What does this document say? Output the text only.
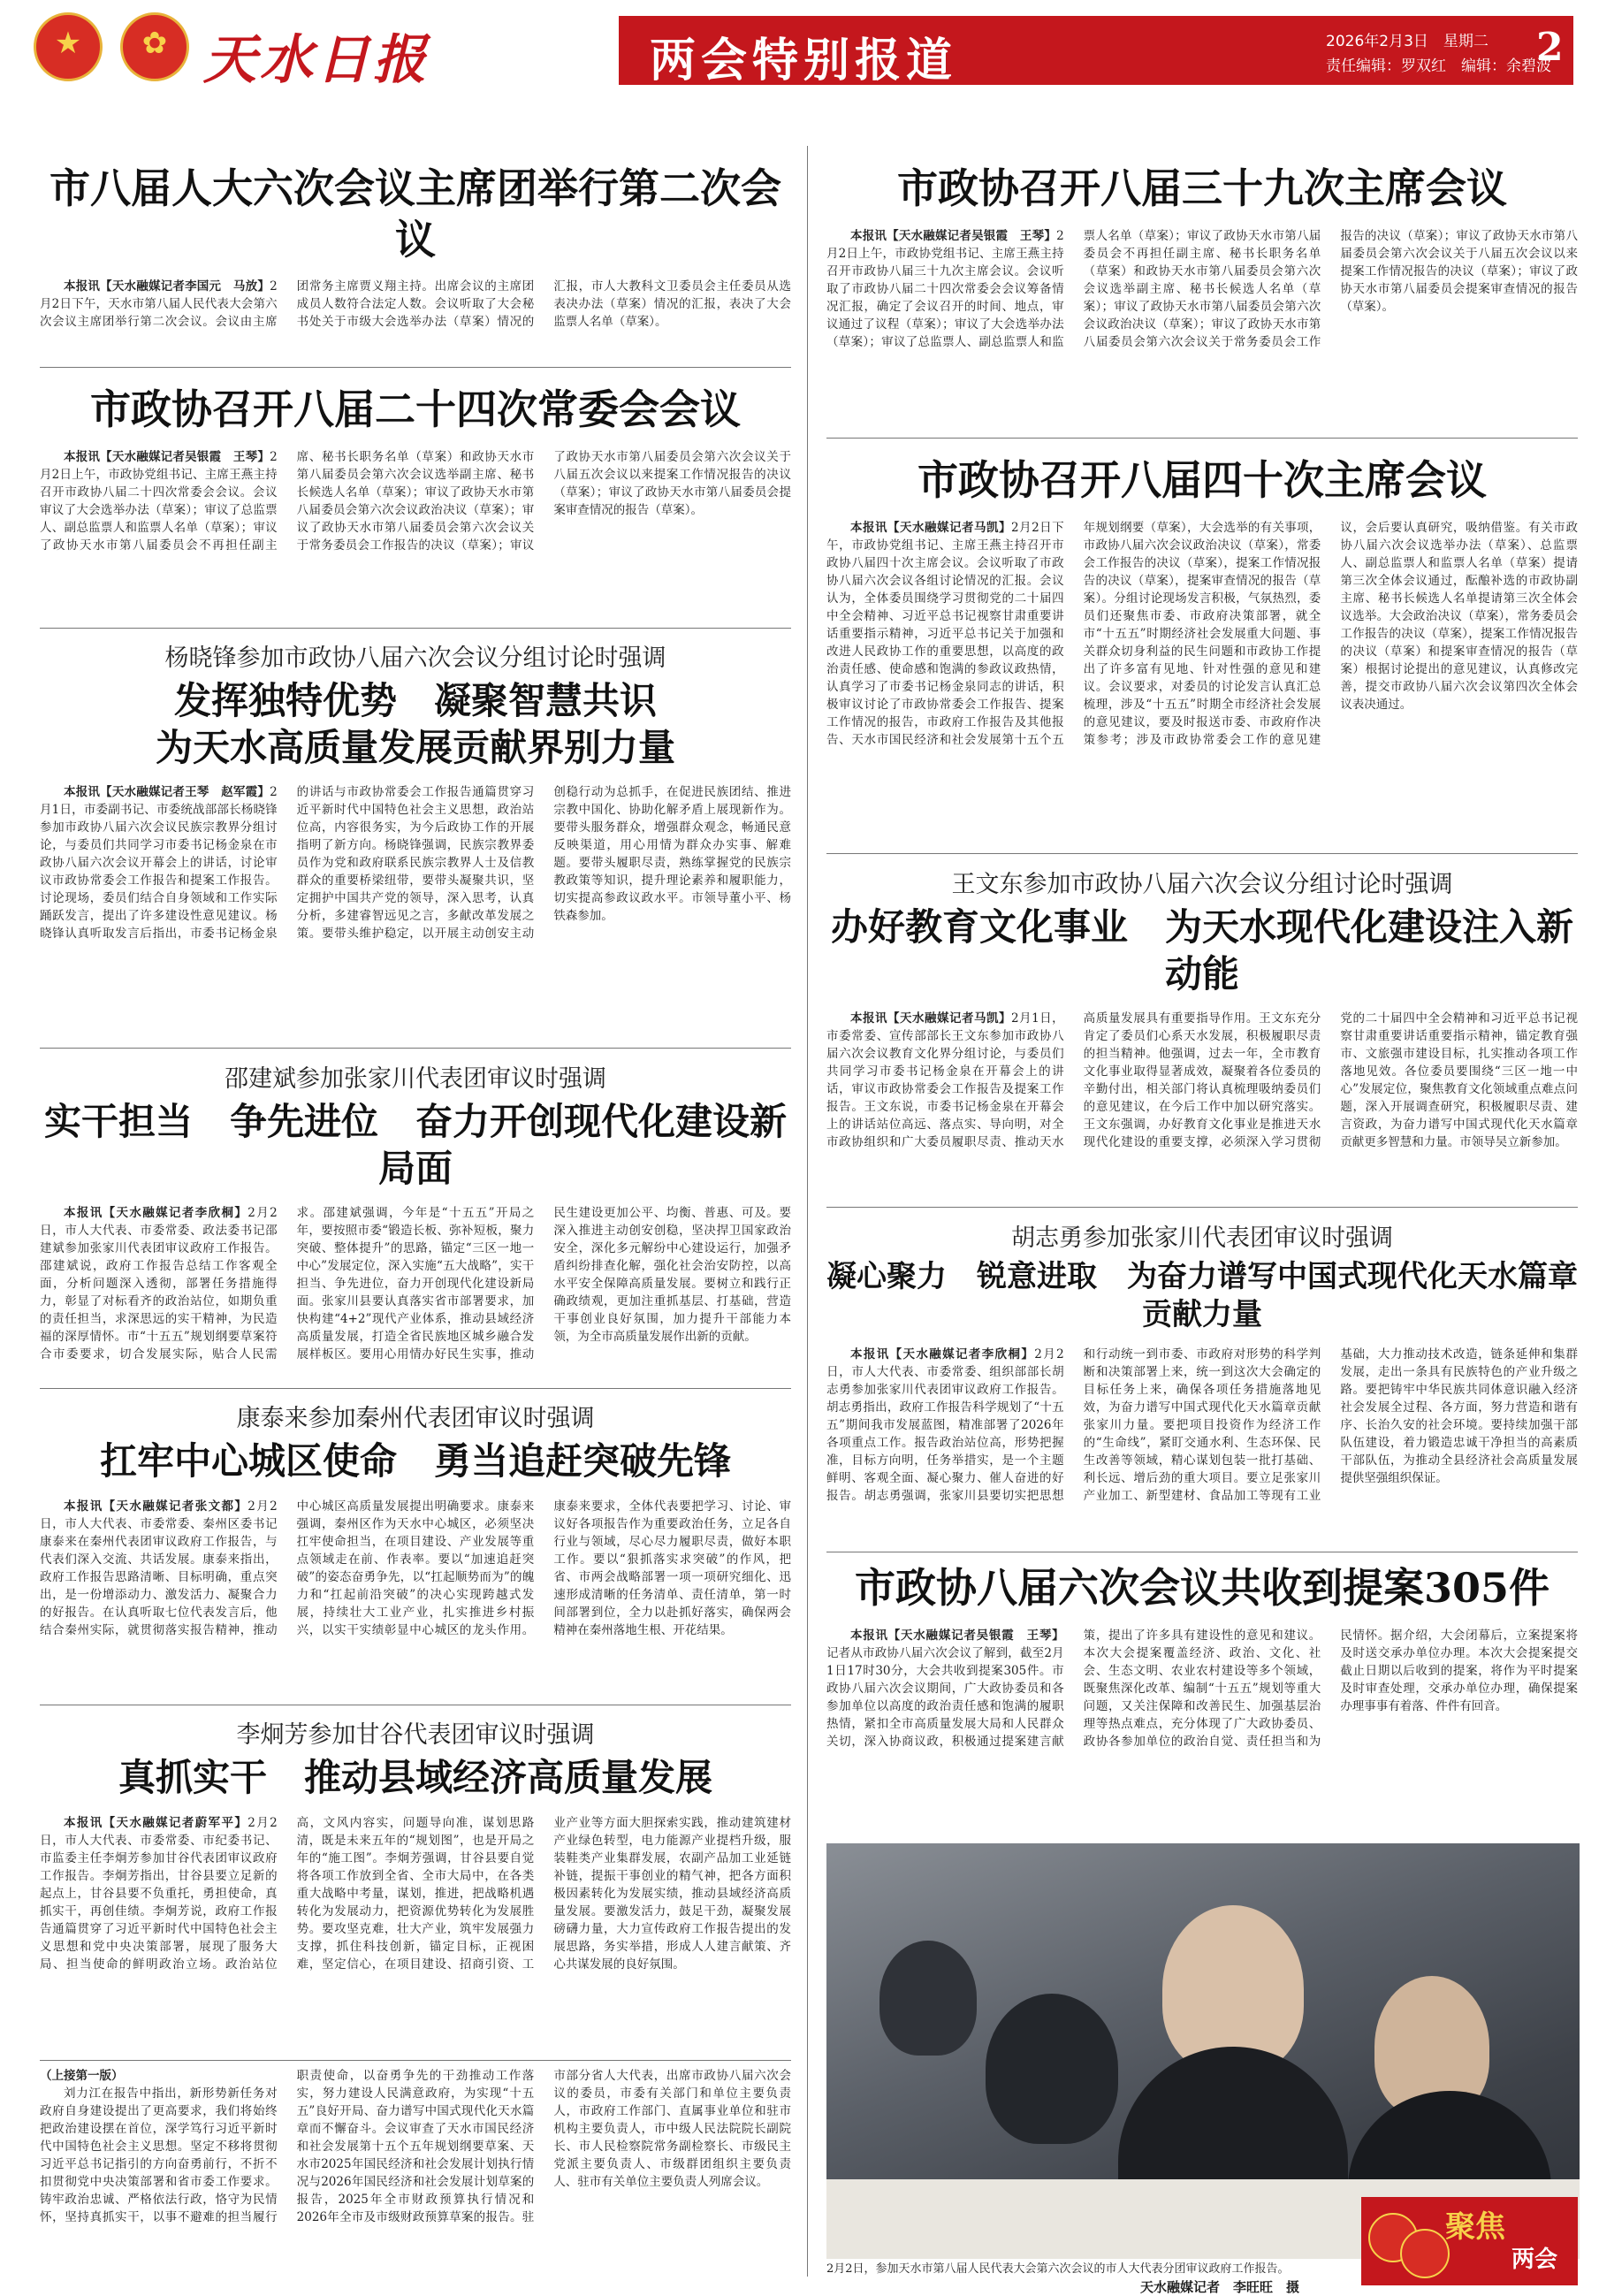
★	✿ 天水日报	两会特别报道	2026年2月3日　星期二
责任编辑：罗双红　编辑：余碧波
2
市八届人大六次会议主席团举行第二次会议

本报讯【天水融媒记者李国元　马放】2月2日下午，天水市第八届人民代表大会第六次会议主席团举行第二次会议。会议由主席团常务主席贾义翔主持。出席会议的主席团成员人数符合法定人数。会议听取了大会秘书处关于市级大会选举办法（草案）情况的汇报，市人大教科文卫委员会主任委员从选表决办法（草案）情况的汇报，表决了大会监票人名单（草案）。

市政协召开八届二十四次常委会会议

本报讯【天水融媒记者吴银霞　王琴】2月2日上午，市政协党组书记、主席王燕主持召开市政协八届二十四次常委会会议。会议审议了大会选举办法（草案）；审议了总监票人、副总监票人和监票人名单（草案）；审议了政协天水市第八届委员会不再担任副主席、秘书长职务名单（草案）和政协天水市第八届委员会第六次会议选举副主席、秘书长候选人名单（草案）；审议了政协天水市第八届委员会第六次会议政治决议（草案）；审议了政协天水市第八届委员会第六次会议关于常务委员会工作报告的决议（草案）；审议了政协天水市第八届委员会第六次会议关于八届五次会议以来提案工作情况报告的决议（草案）；审议了政协天水市第八届委员会提案审查情况的报告（草案）。

杨晓锋参加市政协八届六次会议分组讨论时强调
发挥独特优势　凝聚智慧共识
为天水高质量发展贡献界别力量

本报讯【天水融媒记者王琴　赵军霞】2月1日，市委副书记、市委统战部部长杨晓锋参加市政协八届六次会议民族宗教界分组讨论，与委员们共同学习市委书记杨金泉在市政协八届六次会议开幕会上的讲话，讨论审议市政协常委会工作报告和提案工作报告。讨论现场，委员们结合自身领域和工作实际踊跃发言，提出了许多建设性意见建议。杨晓锋认真听取发言后指出，市委书记杨金泉的讲话与市政协常委会工作报告通篇贯穿习近平新时代中国特色社会主义思想，政治站位高，内容很务实，为今后政协工作的开展指明了新方向。杨晓锋强调，民族宗教界委员作为党和政府联系民族宗教界人士及信教群众的重要桥梁纽带，要带头凝聚共识，坚定拥护中国共产党的领导，深入思考，认真分析，多建睿智远见之言，多献改革发展之策。要带头维护稳定，以开展主动创安主动创稳行动为总抓手，在促进民族团结、推进宗教中国化、协助化解矛盾上展现新作为。要带头服务群众，增强群众观念，畅通民意反映渠道，用心用情为群众办实事、解难题。要带头履职尽责，熟练掌握党的民族宗教政策等知识，提升理论素养和履职能力，切实提高参政议政水平。市领导董小平、杨铁森参加。

邵建斌参加张家川代表团审议时强调
实干担当　争先进位　奋力开创现代化建设新局面

本报讯【天水融媒记者李欣桐】2月2日，市人大代表、市委常委、政法委书记邵建斌参加张家川代表团审议政府工作报告。邵建斌说，政府工作报告总结工作客观全面，分析问题深入透彻，部署任务措施得力，彰显了对标看齐的政治站位，如期负重的责任担当，求深思远的实干精神，为民造福的深厚情怀。市“十五五”规划纲要草案符合市委要求，切合发展实际，贴合人民需求。邵建斌强调，今年是“十五五”开局之年，要按照市委“锻造长板、弥补短板，聚力突破、整体提升”的思路，锚定“三区一地一中心”发展定位，深入实施“五大战略”，实干担当、争先进位，奋力开创现代化建设新局面。张家川县要认真落实省市部署要求，加快构建“4+2”现代产业体系，推动县域经济高质量发展，打造全省民族地区城乡融合发展样板区。要用心用情办好民生实事，推动民生建设更加公平、均衡、普惠、可及。要深入推进主动创安创稳，坚决捍卫国家政治安全，深化多元解纷中心建设运行，加强矛盾纠纷排查化解，强化社会治安防控，以高水平安全保障高质量发展。要树立和践行正确政绩观，更加注重抓基层、打基础，营造干事创业良好氛围，加力提升干部能力本领，为全市高质量发展作出新的贡献。

康泰来参加秦州代表团审议时强调
扛牢中心城区使命　勇当追赶突破先锋

本报讯【天水融媒记者张文都】2月2日，市人大代表、市委常委、秦州区委书记康泰来在秦州代表团审议政府工作报告，与代表们深入交流、共话发展。康泰来指出，政府工作报告思路清晰、目标明确，重点突出，是一份增添动力、激发活力、凝聚合力的好报告。在认真听取七位代表发言后，他结合秦州实际，就贯彻落实报告精神，推动中心城区高质量发展提出明确要求。康泰来强调，秦州区作为天水中心城区，必须坚决扛牢使命担当，在项目建设、产业发展等重点领域走在前、作表率。要以“加速追赶突破”的姿态奋勇争先，以“扛起顺势而为”的魄力和“扛起前沿突破”的决心实现跨越式发展，持续壮大工业产业，扎实推进乡村振兴，以实干实绩彰显中心城区的龙头作用。康泰来要求，全体代表要把学习、讨论、审议好各项报告作为重要政治任务，立足各自行业与领域，尽心尽力履职尽责，做好本职工作。要以“狠抓落实求突破”的作风，把省、市两会战略部署一项一项研究细化、迅速形成清晰的任务清单、责任清单，第一时间部署到位，全力以赴抓好落实，确保两会精神在秦州落地生根、开花结果。

李炯芳参加甘谷代表团审议时强调
真抓实干　推动县域经济高质量发展

本报讯【天水融媒记者蔚军平】2月2日，市人大代表、市委常委、市纪委书记、市监委主任李炯芳参加甘谷代表团审议政府工作报告。李炯芳指出，甘谷县要立足新的起点上，甘谷县要不负重托，勇担使命，真抓实干，再创佳绩。李炯芳说，政府工作报告通篇贯穿了习近平新时代中国特色社会主义思想和党中央决策部署，展现了服务大局、担当使命的鲜明政治立场。政治站位高，文风内容实，问题导向准，谋划思路清，既是未来五年的“规划图”，也是开局之年的“施工图”。李炯芳强调，甘谷县要自觉将各项工作放到全省、全市大局中，在各类重大战略中考量，谋划，推进，把战略机遇转化为发展动力，把资源优势转化为发展胜势。要攻坚克难，壮大产业，筑牢发展强力支撑，抓住科技创新，锚定目标，正视困难，坚定信心，在项目建设、招商引资、工业产业等方面大胆探索实践，推动建筑建材产业绿色转型，电力能源产业提档升级，服装鞋类产业集群发展，农副产品加工业延链补链，提振干事创业的精气神，把各方面积极因素转化为发展实绩，推动县域经济高质量发展。要激发活力，鼓足干劲，凝聚发展磅礴力量，大力宣传政府工作报告提出的发展思路，务实举措，形成人人建言献策、齐心共谋发展的良好氛围。

（上接第一版）

刘力江在报告中指出，新形势新任务对政府自身建设提出了更高要求，我们将始终把政治建设摆在首位，深学笃行习近平新时代中国特色社会主义思想。坚定不移将贯彻习近平总书记指引的方向奋勇前行，不折不扣贯彻党中央决策部署和省市委工作要求。铸牢政治忠诚、严格依法行政，恪守为民情怀，坚持真抓实干，以事不避难的担当履行职责使命，以奋勇争先的干劲推动工作落实，努力建设人民满意政府，为实现“十五五”良好开局、奋力谱写中国式现代化天水篇章而不懈奋斗。会议审查了天水市国民经济和社会发展第十五个五年规划纲要草案、天水市2025年国民经济和社会发展计划执行情况与2026年国民经济和社会发展计划草案的报告，2025年全市财政预算执行情况和2026年全市及市级财政预算草案的报告。驻市部分省人大代表，出席市政协八届六次会议的委员，市委有关部门和单位主要负责人，市政府工作部门、直属事业单位和驻市机构主要负责人，市中级人民法院院长副院长、市人民检察院常务副检察长、市级民主党派主要负责人、市级群团组织主要负责人、驻市有关单位主要负责人列席会议。

市政协召开八届三十九次主席会议

本报讯【天水融媒记者吴银霞　王琴】2月2日上午，市政协党组书记、主席王燕主持召开市政协八届三十九次主席会议。会议听取了市政协八届二十四次常委会会议筹备情况汇报，确定了会议召开的时间、地点，审议通过了议程（草案）；审议了大会选举办法（草案）；审议了总监票人、副总监票人和监票人名单（草案）；审议了政协天水市第八届委员会不再担任副主席、秘书长职务名单（草案）和政协天水市第八届委员会第六次会议选举副主席、秘书长候选人名单（草案）；审议了政协天水市第八届委员会第六次会议政治决议（草案）；审议了政协天水市第八届委员会第六次会议关于常务委员会工作报告的决议（草案）；审议了政协天水市第八届委员会第六次会议关于八届五次会议以来提案工作情况报告的决议（草案）；审议了政协天水市第八届委员会提案审查情况的报告（草案）。

市政协召开八届四十次主席会议

本报讯【天水融媒记者马凯】2月2日下午，市政协党组书记、主席王燕主持召开市政协八届四十次主席会议。会议听取了市政协八届六次会议各组讨论情况的汇报。会议认为，全体委员围绕学习贯彻党的二十届四中全会精神、习近平总书记视察甘肃重要讲话重要指示精神，习近平总书记关于加强和改进人民政协工作的重要思想，以高度的政治责任感、使命感和饱满的参政议政热情，认真学习了市委书记杨金泉同志的讲话，积极审议讨论了市政协常委会工作报告、提案工作情况的报告，市政府工作报告及其他报告、天水市国民经济和社会发展第十五个五年规划纲要（草案），大会选举的有关事项，市政协八届六次会议政治决议（草案），常委会工作报告的决议（草案），提案工作情况报告的决议（草案），提案审查情况的报告（草案）。分组讨论现场发言积极，气氛热烈，委员们还聚焦市委、市政府决策部署，就全市“十五五”时期经济社会发展重大问题、事关群众切身利益的民生问题和市政协工作提出了许多富有见地、针对性强的意见和建议。会议要求，对委员的讨论发言认真汇总梳理，涉及“十五五”时期全市经济社会发展的意见建议，要及时报送市委、市政府作决策参考；涉及市政协常委会工作的意见建议，会后要认真研究，吸纳借鉴。有关市政协八届六次会议选举办法（草案）、总监票人、副总监票人和监票人名单（草案）提请第三次全体会议通过，酝酿补选的市政协副主席、秘书长候选人名单提请第三次全体会议选举。大会政治决议（草案），常务委员会工作报告的决议（草案），提案工作情况报告的决议（草案）和提案审查情况的报告（草案）根据讨论提出的意见建议，认真修改完善，提交市政协八届六次会议第四次全体会议表决通过。

王文东参加市政协八届六次会议分组讨论时强调
办好教育文化事业　为天水现代化建设注入新动能

本报讯【天水融媒记者马凯】2月1日，市委常委、宣传部部长王文东参加市政协八届六次会议教育文化界分组讨论，与委员们共同学习市委书记杨金泉在开幕会上的讲话，审议市政协常委会工作报告及提案工作报告。王文东说，市委书记杨金泉在开幕会上的讲话站位高远、落点实、导向明，对全市政协组织和广大委员履职尽责、推动天水高质量发展具有重要指导作用。王文东充分肯定了委员们心系天水发展，积极履职尽责的担当精神。他强调，过去一年，全市教育文化事业取得显著成效，凝聚着各位委员的辛勤付出，相关部门将认真梳理吸纳委员们的意见建议，在今后工作中加以研究落实。王文东强调，办好教育文化事业是推进天水现代化建设的重要支撑，必须深入学习贯彻党的二十届四中全会精神和习近平总书记视察甘肃重要讲话重要指示精神，锚定教育强市、文旅强市建设目标，扎实推动各项工作落地见效。各位委员要围绕“三区一地一中心”发展定位，聚焦教育文化领域重点难点问题，深入开展调查研究，积极履职尽责、建言资政，为奋力谱写中国式现代化天水篇章贡献更多智慧和力量。市领导吴立新参加。

胡志勇参加张家川代表团审议时强调
凝心聚力　锐意进取　为奋力谱写中国式现代化天水篇章贡献力量

本报讯【天水融媒记者李欣桐】2月2日，市人大代表、市委常委、组织部部长胡志勇参加张家川代表团审议政府工作报告。胡志勇指出，政府工作报告科学规划了“十五五”期间我市发展蓝图，精准部署了2026年各项重点工作。报告政治站位高，形势把握准，目标方向明，任务举措实，是一个主题鲜明、客观全面、凝心聚力、催人奋进的好报告。胡志勇强调，张家川县要切实把思想和行动统一到市委、市政府对形势的科学判断和决策部署上来，统一到这次大会确定的目标任务上来，确保各项任务措施落地见效，为奋力谱写中国式现代化天水篇章贡献张家川力量。要把项目投资作为经济工作的“生命线”，紧盯交通水利、生态环保、民生改善等领域，精心谋划包装一批打基础、利长远、增后劲的重大项目。要立足张家川产业加工、新型建材、食品加工等现有工业基础，大力推动技术改造，链条延伸和集群发展，走出一条具有民族特色的产业升级之路。要把铸牢中华民族共同体意识融入经济社会发展全过程、各方面，努力营造和谐有序、长治久安的社会环境。要持续加强干部队伍建设，着力锻造忠诚干净担当的高素质干部队伍，为推动全县经济社会高质量发展提供坚强组织保证。

市政协八届六次会议共收到提案305件

本报讯【天水融媒记者吴银霞　王琴】记者从市政协八届六次会议了解到，截至2月1日17时30分，大会共收到提案305件。市政协八届六次会议期间，广大政协委员和各参加单位以高度的政治责任感和饱满的履职热情，紧扣全市高质量发展大局和人民群众关切，深入协商议政，积极通过提案建言献策，提出了许多具有建设性的意见和建议。本次大会提案覆盖经济、政治、文化、社会、生态文明、农业农村建设等多个领域，既聚焦深化改革、编制“十五五”规划等重大问题，又关注保障和改善民生、加强基层治理等热点难点，充分体现了广大政协委员、政协各参加单位的政治自觉、责任担当和为民情怀。据介绍，大会闭幕后，立案提案将及时送交承办单位办理。本次大会提案提交截止日期以后收到的提案，将作为平时提案及时审查处理，交承办单位办理，确保提案办理事事有着落、件件有回音。

2月2日，参加天水市第八届人民代表大会第六次会议的市人大代表分团审议政府工作报告。
天水融媒记者　李旺旺　摄
聚焦
两会
